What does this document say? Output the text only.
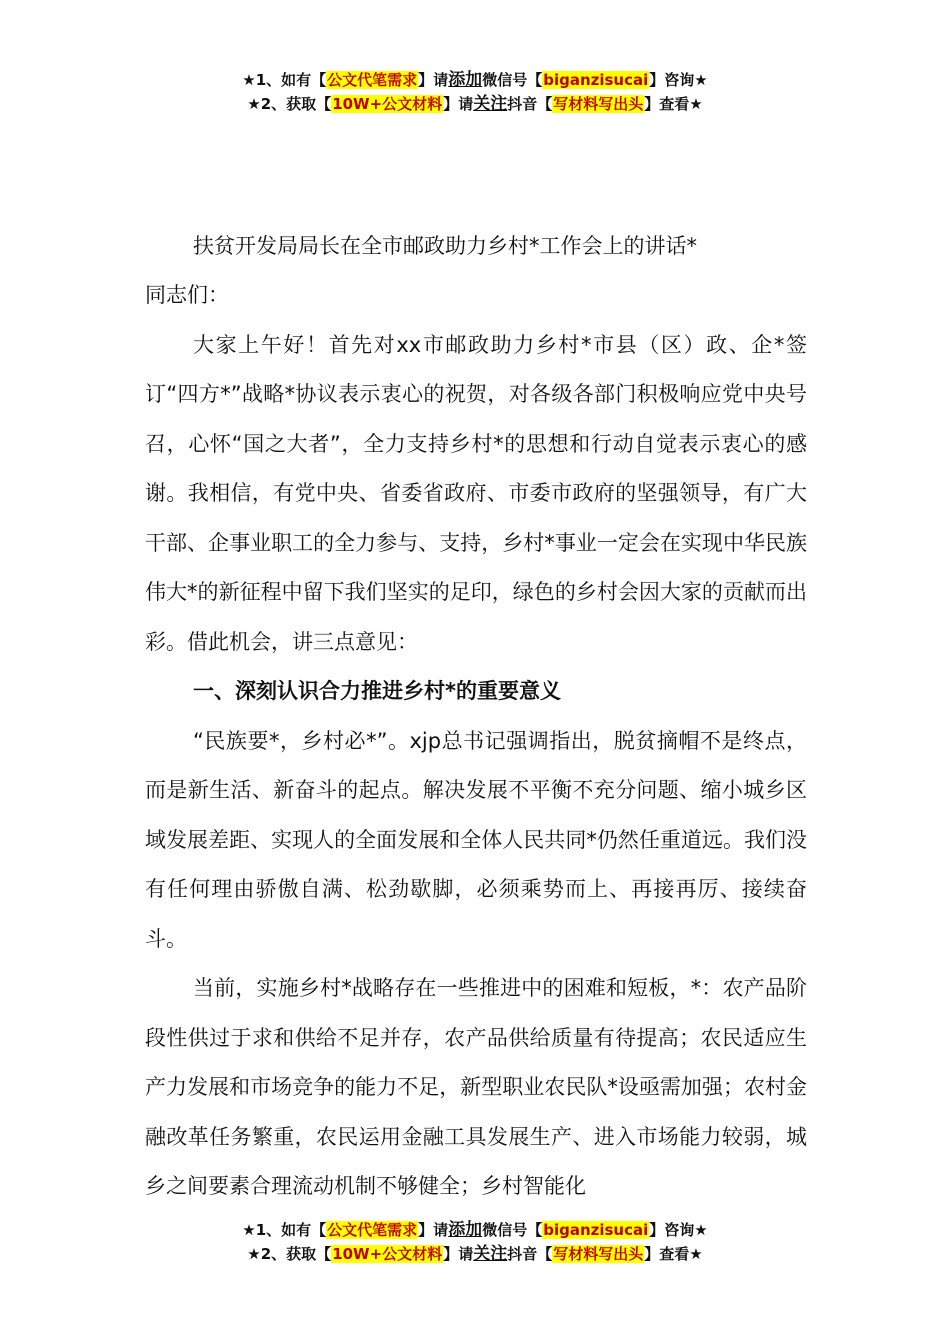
★1、如有【公文代笔需求】请添加微信号【biganzisucai】咨询★
★2、获取【10W+公文材料】请关注抖音【写材料写出头】查看★

扶贫开发局局长在全市邮政助力乡村*工作会上的讲话*

同志们：

大家上午好！首先对xx市邮政助力乡村*市县（区）政、企*签订“四方*”战略*协议表示衷心的祝贺，对各级各部门积极响应党中央号召，心怀“国之大者”，全力支持乡村*的思想和行动自觉表示衷心的感谢。我相信，有党中央、省委省政府、市委市政府的坚强领导，有广大干部、企事业职工的全力参与、支持，乡村*事业一定会在实现中华民族伟大*的新征程中留下我们坚实的足印，绿色的乡村会因大家的贡献而出彩。借此机会，讲三点意见：

一、深刻认识合力推进乡村*的重要意义

“民族要*，乡村必*”。xjp总书记强调指出，脱贫摘帽不是终点，而是新生活、新奋斗的起点。解决发展不平衡不充分问题、缩小城乡区域发展差距、实现人的全面发展和全体人民共同*仍然任重道远。我们没有任何理由骄傲自满、松劲歇脚，必须乘势而上、再接再厉、接续奋斗。

当前，实施乡村*战略存在一些推进中的困难和短板，*：农产品阶段性供过于求和供给不足并存，农产品供给质量有待提高；农民适应生产力发展和市场竞争的能力不足，新型职业农民队*设亟需加强；农村金融改革任务繁重，农民运用金融工具发展生产、进入市场能力较弱，城乡之间要素合理流动机制不够健全；乡村智能化

★1、如有【公文代笔需求】请添加微信号【biganzisucai】咨询★
★2、获取【10W+公文材料】请关注抖音【写材料写出头】查看★
